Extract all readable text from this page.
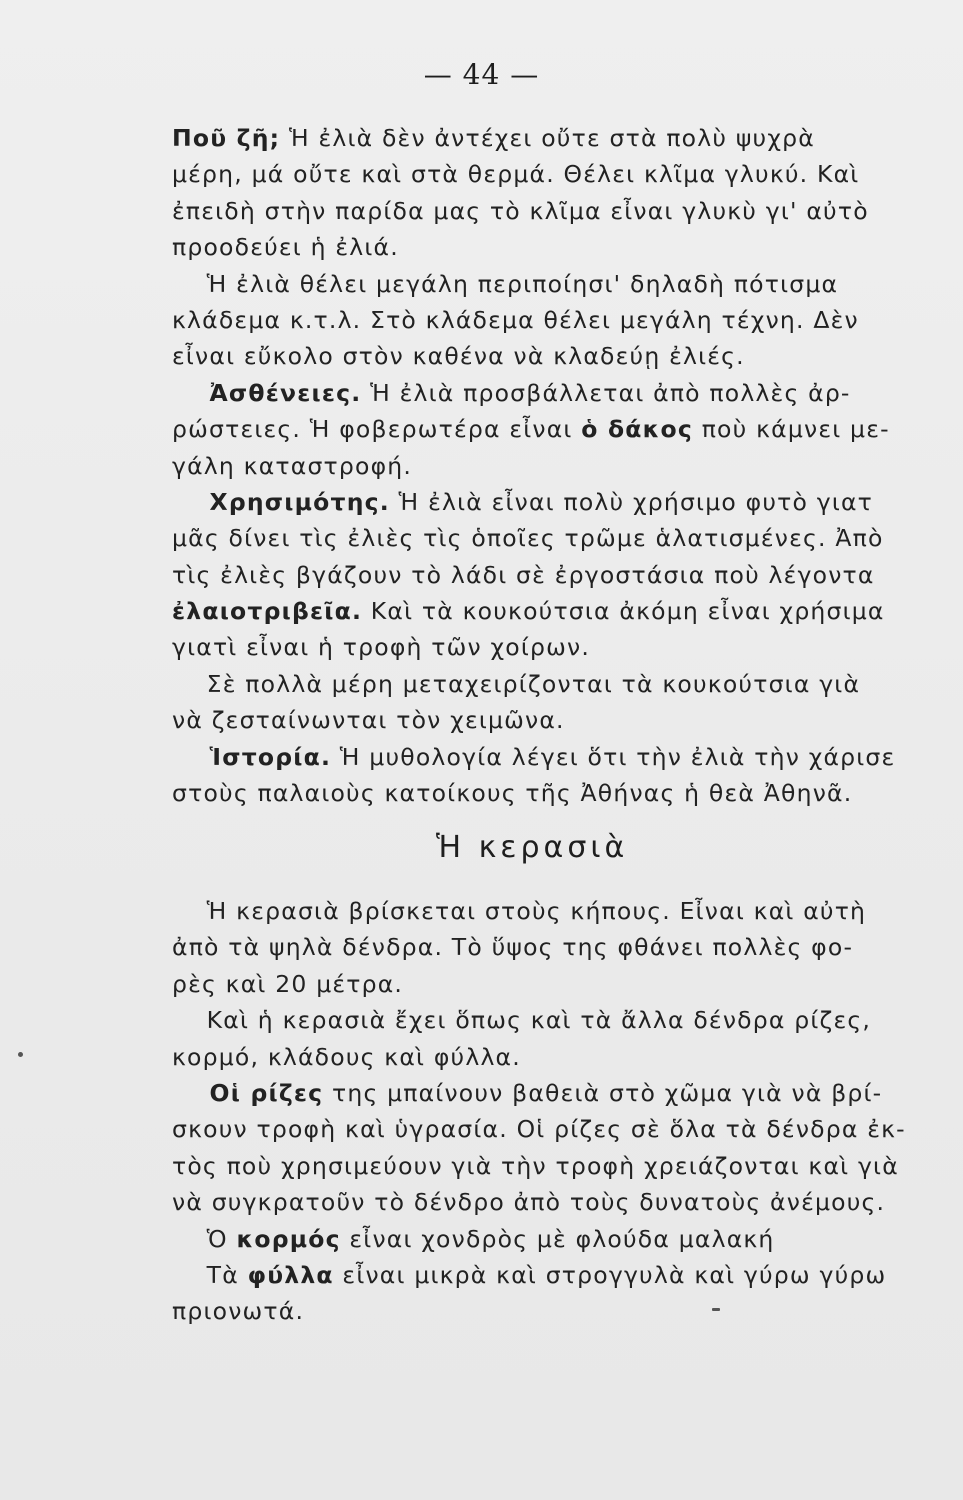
— 44 —
Ποῦ ζῆ; Ἡ ἐλιὰ δὲν ἀντέχει οὔτε στὰ πολὺ ψυχρὰ
μέρη, μά οὔτε καὶ στὰ θερμά. Θέλει κλῖμα γλυκύ. Καὶ
ἐπειδὴ στὴν παρίδα μας τὸ κλῖμα εἶναι γλυκὺ γι' αὐτὸ
προοδεύει ἡ ἐλιά.
Ἡ ἐλιὰ θέλει μεγάλη περιποίησι' δηλαδὴ πότισμα
κλάδεμα κ.τ.λ. Στὸ κλάδεμα θέλει μεγάλη τέχνη. Δὲν
εἶναι εὔκολο στὸν καθένα νὰ κλαδεύῃ ἐλιές.
Ἀσθένειες. Ἡ ἐλιὰ προσβάλλεται ἀπὸ πολλὲς ἀρ-
ρώστειες. Ἡ φοβερωτέρα εἶναι ὁ δάκος ποὺ κάμνει με-
γάλη καταστροφή.
Χρησιμότης. Ἡ ἐλιὰ εἶναι πολὺ χρήσιμο φυτὸ γιατ
μᾶς δίνει τὶς ἐλιὲς τὶς ὁποῖες τρῶμε ἁλατισμένες. Ἀπὸ
τὶς ἐλιὲς βγάζουν τὸ λάδι σὲ ἐργοστάσια ποὺ λέγοντα
ἐλαιοτριβεῖα. Καὶ τὰ κουκούτσια ἀκόμη εἶναι χρήσιμα
γιατὶ εἶναι ἡ τροφὴ τῶν χοίρων.
Σὲ πολλὰ μέρη μεταχειρίζονται τὰ κουκούτσια γιὰ
νὰ ζεσταίνωνται τὸν χειμῶνα.
Ἱστορία. Ἡ μυθολογία λέγει ὅτι τὴν ἐλιὰ τὴν χάρισε
στοὺς παλαιοὺς κατοίκους τῆς Ἀθήνας ἡ θεὰ Ἀθηνᾶ.
Ἡ κερασιὰ
Ἡ κερασιὰ βρίσκεται στοὺς κήπους. Εἶναι καὶ αὐτὴ
ἀπὸ τὰ ψηλὰ δένδρα. Τὸ ὕψος της φθάνει πολλὲς φο-
ρὲς καὶ 20 μέτρα.
Καὶ ἡ κερασιὰ ἔχει ὅπως καὶ τὰ ἄλλα δένδρα ρίζες,
κορμό, κλάδους καὶ φύλλα.
Οἱ ρίζες της μπαίνουν βαθειὰ στὸ χῶμα γιὰ νὰ βρί-
σκουν τροφὴ καὶ ὑγρασία. Οἱ ρίζες σὲ ὅλα τὰ δένδρα ἐκ-
τὸς ποὺ χρησιμεύουν γιὰ τὴν τροφὴ χρειάζονται καὶ γιὰ
νὰ συγκρατοῦν τὸ δένδρο ἀπὸ τοὺς δυνατοὺς ἀνέμους.
Ὁ κορμός εἶναι χονδρὸς μὲ φλούδα μαλακή
Τὰ φύλλα εἶναι μικρὰ καὶ στρογγυλὰ καὶ γύρω γύρω
πριονωτά.
